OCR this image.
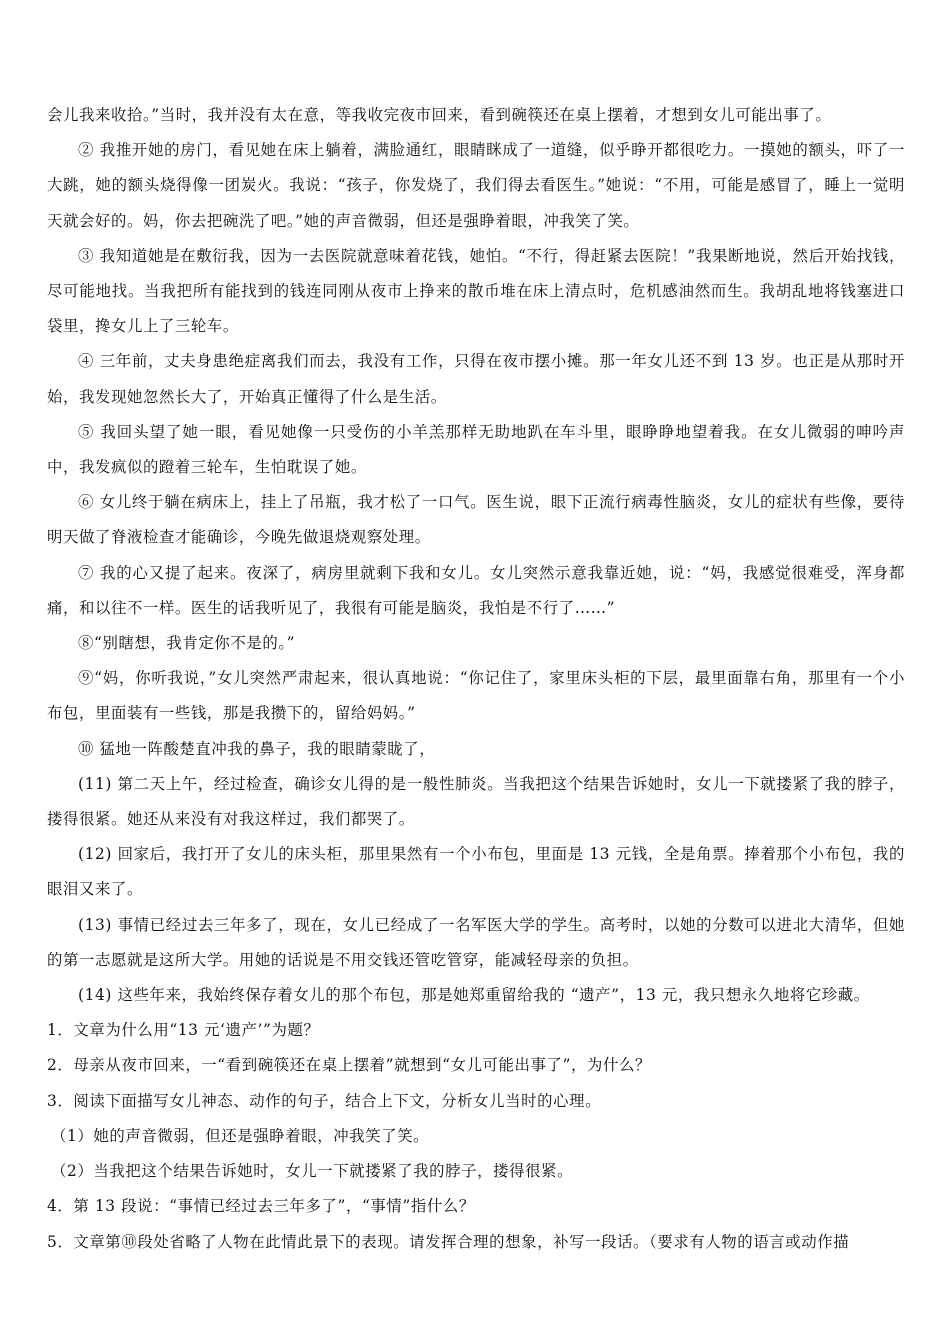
会儿我来收拾。”当时，我并没有太在意，等我收完夜市回来，看到碗筷还在桌上摆着，才想到女儿可能出事了。

② 我推开她的房门，看见她在床上躺着，满脸通红，眼睛眯成了一道缝，似乎睁开都很吃力。一摸她的额头，吓了一大跳，她的额头烧得像一团炭火。我说：“孩子，你发烧了，我们得去看医生。”她说：“不用，可能是感冒了，睡上一觉明天就会好的。妈，你去把碗洗了吧。”她的声音微弱，但还是强睁着眼，冲我笑了笑。

③ 我知道她是在敷衍我，因为一去医院就意味着花钱，她怕。“不行，得赶紧去医院！”我果断地说，然后开始找钱，尽可能地找。当我把所有能找到的钱连同刚从夜市上挣来的散币堆在床上清点时，危机感油然而生。我胡乱地将钱塞进口袋里，搀女儿上了三轮车。

④ 三年前，丈夫身患绝症离我们而去，我没有工作，只得在夜市摆小摊。那一年女儿还不到 13 岁。也正是从那时开始，我发现她忽然长大了，开始真正懂得了什么是生活。

⑤ 我回头望了她一眼，看见她像一只受伤的小羊羔那样无助地趴在车斗里，眼睁睁地望着我。在女儿微弱的呻吟声中，我发疯似的蹬着三轮车，生怕耽误了她。

⑥ 女儿终于躺在病床上，挂上了吊瓶，我才松了一口气。医生说，眼下正流行病毒性脑炎，女儿的症状有些像，要待明天做了脊液检查才能确诊，今晚先做退烧观察处理。

⑦ 我的心又提了起来。夜深了，病房里就剩下我和女儿。女儿突然示意我靠近她，说：“妈，我感觉很难受，浑身都痛，和以往不一样。医生的话我听见了，我很有可能是脑炎，我怕是不行了……”

⑧“别瞎想，我肯定你不是的。”

⑨“妈，你听我说，”女儿突然严肃起来，很认真地说：“你记住了，家里床头柜的下层，最里面靠右角，那里有一个小布包，里面装有一些钱，那是我攒下的，留给妈妈。”

⑩ 猛地一阵酸楚直冲我的鼻子，我的眼睛蒙眬了，

(11) 第二天上午，经过检查，确诊女儿得的是一般性肺炎。当我把这个结果告诉她时，女儿一下就搂紧了我的脖子，搂得很紧。她还从来没有对我这样过，我们都哭了。

(12) 回家后，我打开了女儿的床头柜，那里果然有一个小布包，里面是 13 元钱，全是角票。捧着那个小布包，我的眼泪又来了。

(13) 事情已经过去三年多了，现在，女儿已经成了一名军医大学的学生。高考时，以她的分数可以进北大清华，但她的第一志愿就是这所大学。用她的话说是不用交钱还管吃管穿，能减轻母亲的负担。

(14) 这些年来，我始终保存着女儿的那个布包，那是她郑重留给我的 “遗产”，13 元，我只想永久地将它珍藏。

1．文章为什么用“13 元‘遗产’”为题？

2．母亲从夜市回来，一“看到碗筷还在桌上摆着”就想到“女儿可能出事了”，为什么？

3．阅读下面描写女儿神态、动作的句子，结合上下文，分析女儿当时的心理。

（1）她的声音微弱，但还是强睁着眼，冲我笑了笑。

（2）当我把这个结果告诉她时，女儿一下就搂紧了我的脖子，搂得很紧。

4．第 13 段说：“事情已经过去三年多了”，“事情”指什么？

5．文章第⑩段处省略了人物在此情此景下的表现。请发挥合理的想象，补写一段话。（要求有人物的语言或动作描
